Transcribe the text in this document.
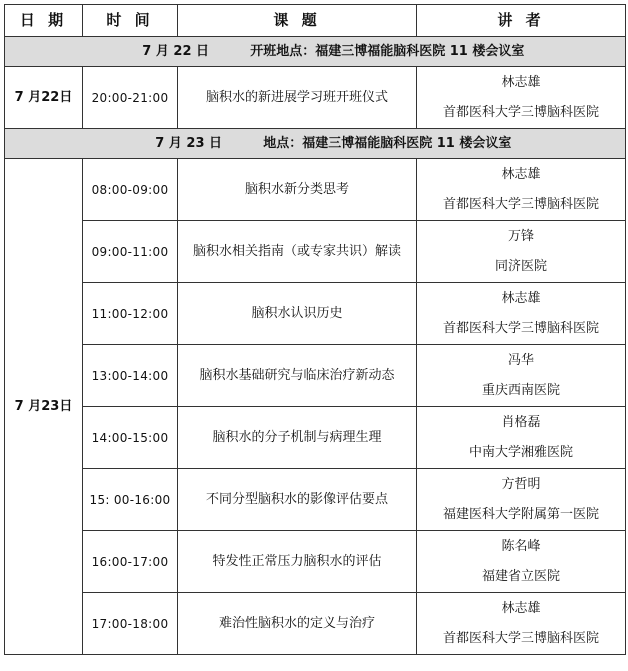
日 期	时 间	课 题	讲 者
7 月 22 日 开班地点：福建三博福能脑科医院 11 楼会议室			
7 月22日	20:00-21:00	脑积水的新进展学习班开班仪式	林志雄
首都医科大学三博脑科医院

7 月 23 日 地点：福建三博福能脑科医院 11 楼会议室			
7 月23日	08:00-09:00	脑积水新分类思考	林志雄
首都医科大学三博脑科医院

	09:00-11:00	脑积水相关指南（或专家共识）解读	万锋
同济医院

	11:00-12:00	脑积水认识历史	林志雄
首都医科大学三博脑科医院

	13:00-14:00	脑积水基础研究与临床治疗新动态	冯华
重庆西南医院

	14:00-15:00	脑积水的分子机制与病理生理	肖格磊
中南大学湘雅医院

	15: 00-16:00	不同分型脑积水的影像评估要点	方哲明
福建医科大学附属第一医院

	16:00-17:00	特发性正常压力脑积水的评估	陈名峰
福建省立医院

	17:00-18:00	难治性脑积水的定义与治疗	林志雄
首都医科大学三博脑科医院
